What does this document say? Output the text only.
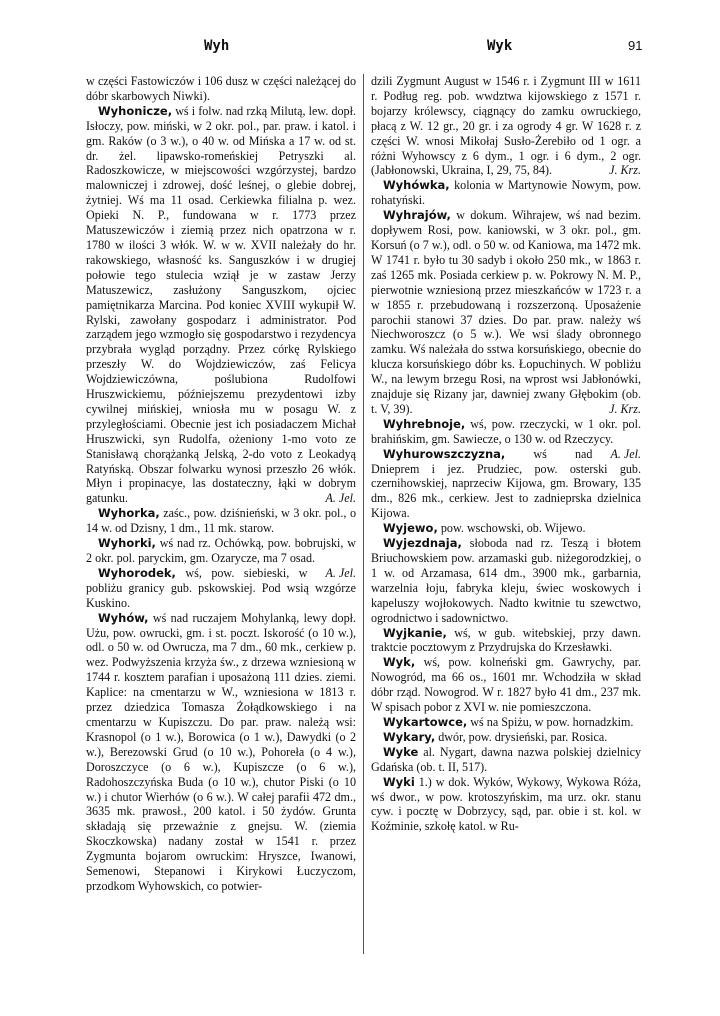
Wyh	Wyk	91

w części Fastowiczów i 106 dusz w części należącej do dóbr skarbowych Niwki).

Wyhonicze, wś i folw. nad rzką Milutą, lew. dopł. Isłoczy, pow. miński, w 2 okr. pol., par. praw. i katol. i gm. Raków (o 3 w.), o 40 w. od Mińska a 17 w. od st. dr. żel. lipawsko-romeńskiej Petryszki al. Radoszkowicze, w miejscowości wzgórzystej, bardzo malowniczej i zdrowej, dość leśnej, o glebie dobrej, żytniej. Wś ma 11 osad. Cerkiewka filialna p. wez. Opieki N. P., fundowana w r. 1773 przez Matuszewiczów i ziemią przez nich opatrzona w r. 1780 w ilości 3 włók. W. w w. XVII należały do hr. rakowskiego, własność ks. Sanguszków i w drugiej połowie tego stulecia wziął je w zastaw Jerzy Matuszewicz, zasłużony Sanguszkom, ojciec pamiętnikarza Marcina. Pod koniec XVIII wykupił W. Rylski, zawołany gospodarz i administrator. Pod zarządem jego wzmogło się gospodarstwo i rezydencya przybrała wygląd porządny. Przez córkę Rylskiego przeszły W. do Wojdziewiczów, zaś Felicya Wojdziewiczówna, poślubiona Rudolfowi Hruszwickiemu, późniejszemu prezydentowi izby cywilnej mińskiej, wniosła mu w posagu W. z przyległościami. Obecnie jest ich posiadaczem Michał Hruszwicki, syn Rudolfa, ożeniony 1-mo voto ze Stanisławą chorążanką Jelską, 2-do voto z Leokadyą Ratyńską. Obszar folwarku wynosi przeszło 26 włók. Młyn i propinacye, las dostateczny, łąki w dobrym gatunku.	A. Jel.

Wyhorka, zaśc., pow. dziśnieński, w 3 okr. pol., o 14 w. od Dzisny, 1 dm., 11 mk. starow.

Wyhorki, wś nad rz. Ochówką, pow. bobrujski, w 2 okr. pol. paryckim, gm. Ozarycze, ma 7 osad.
A. Jel.

Wyhorodek, wś, pow. siebieski, w pobliżu granicy gub. pskowskiej. Pod wsią wzgórze Kuskino.

Wyhów, wś nad ruczajem Mohylanką, lewy dopł. Użu, pow. owrucki, gm. i st. poczt. Iskorość (o 10 w.), odl. o 50 w. od Owrucza, ma 7 dm., 60 mk., cerkiew p. wez. Podwyższenia krzyża św., z drzewa wzniesioną w 1744 r. kosztem parafian i uposażoną 111 dzies. ziemi. Kaplice: na cmentarzu w W., wzniesiona w 1813 r. przez dziedzica Tomasza Żołądkowskiego i na cmentarzu w Kupiszczu. Do par. praw. należą wsi: Krasnopol (o 1 w.), Borowica (o 1 w.), Dawydki (o 2 w.), Berezowski Grud (o 10 w.), Pohoreła (o 4 w.), Doroszczyce (o 6 w.), Kupiszcze (o 6 w.), Radohoszczyńska Buda (o 10 w.), chutor Piski (o 10 w.) i chutor Wierhów (o 6 w.). W całej parafii 472 dm., 3635 mk. prawosł., 200 katol. i 50 żydów. Grunta składają się przeważnie z gnejsu. W. (ziemia Skoczkowska) nadany został w 1541 r. przez Zygmunta bojarom owruckim: Hryszce, Iwanowi, Semenowi, Stepanowi i Kirykowi Łuczyczom, przodkom Wyhowskich, co potwier-

dzili Zygmunt August w 1546 r. i Zygmunt III w 1611 r. Podług reg. pob. wwdztwa kijowskiego z 1571 r. bojarzy królewscy, ciągnący do zamku owruckiego, płacą z W. 12 gr., 20 gr. i za ogrody 4 gr. W 1628 r. z części W. wnosi Mikołaj Susło-Żerebiło od 1 ogr. a różni Wyhowscy z 6 dym., 1 ogr. i 6 dym., 2 ogr. (Jabłonowski, Ukraina, I, 29, 75, 84).	J. Krz.

Wyhówka, kolonia w Martynowie Nowym, pow. rohatyński.

Wyhrajów, w dokum. Wihrajew, wś nad bezim. dopływem Rosi, pow. kaniowski, w 3 okr. pol., gm. Korsuń (o 7 w.), odl. o 50 w. od Kaniowa, ma 1472 mk. W 1741 r. było tu 30 sadyb i około 250 mk., w 1863 r. zaś 1265 mk. Posiada cerkiew p. w. Pokrowy N. M. P., pierwotnie wzniesioną przez mieszkańców w 1723 r. a w 1855 r. przebudowaną i rozszerzoną. Uposażenie parochii stanowi 37 dzies. Do par. praw. należy wś Niechworoszcz (o 5 w.). We wsi ślady obronnego zamku. Wś należała do sstwa korsuńskiego, obecnie do klucza korsuńskiego dóbr ks. Łopuchinych. W pobliżu W., na lewym brzegu Rosi, na wprost wsi Jabłonówki, znajduje się Rizany jar, dawniej zwany Głębokim (ob. t. V, 39).	J. Krz.

Wyhrebnoje, wś, pow. rzeczycki, w 1 okr. pol. brahińskim, gm. Sawiecze, o 130 w. od Rzeczycy.
A. Jel.

Wyhurowszczyzna, wś nad Dnieprem i jez. Prudziec, pow. osterski gub. czernihowskiej, naprzeciw Kijowa, gm. Browary, 135 dm., 826 mk., cerkiew. Jest to zadnieprska dzielnica Kijowa.

Wyjewo, pow. wschowski, ob. Wijewo.

Wyjezdnaja, słoboda nad rz. Teszą i błotem Briuchowskiem pow. arzamaski gub. niżegorodzkiej, o 1 w. od Arzamasa, 614 dm., 3900 mk., garbarnia, warzelnia łoju, fabryka kleju, świec woskowych i kapeluszy wojłokowych. Nadto kwitnie tu szewctwo, ogrodnictwo i sadownictwo.

Wyjkanie, wś, w gub. witebskiej, przy dawn. traktcie pocztowym z Przydrujska do Krzesławki.

Wyk, wś, pow. kolneński gm. Gawrychy, par. Nowogród, ma 66 os., 1601 mr. Wchodziła w skład dóbr rząd. Nowogrod. W r. 1827 było 41 dm., 237 mk. W spisach pobor z XVI w. nie pomieszczona.

Wykartowce, wś na Spiżu, w pow. hornadzkim.

Wykary, dwór, pow. drysieński, par. Rosica.

Wyke al. Nygart, dawna nazwa polskiej dzielnicy Gdańska (ob. t. II, 517).

Wyki 1.) w dok. Wyków, Wykowy, Wykowa Róża, wś dwor., w pow. krotoszyńskim, ma urz. okr. stanu cyw. i pocztę w Dobrzycy, sąd, par. obie i st. kol. w Koźminie, szkołę katol. w Ru-
